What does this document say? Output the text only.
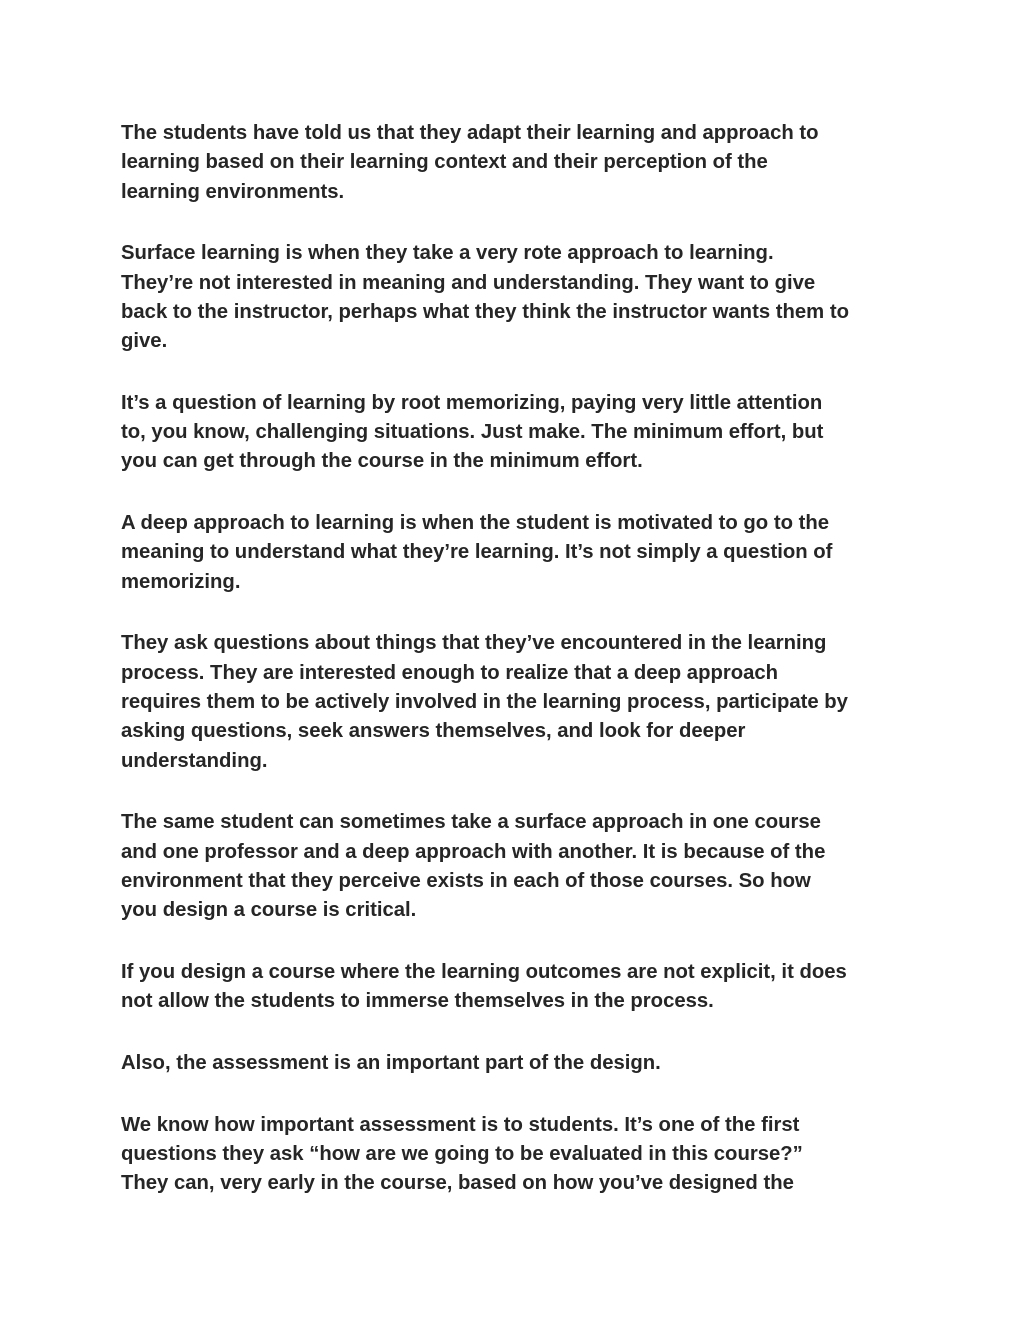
The students have told us that they adapt their learning and approach to
learning based on their learning context and their perception of the
learning environments.

Surface learning is when they take a very rote approach to learning.
They’re not interested in meaning and understanding. They want to give
back to the instructor, perhaps what they think the instructor wants them to
give.

It’s a question of learning by root memorizing, paying very little attention
to, you know, challenging situations. Just make. The minimum effort, but
you can get through the course in the minimum effort.

A deep approach to learning is when the student is motivated to go to the
meaning to understand what they’re learning. It’s not simply a question of
memorizing.

They ask questions about things that they’ve encountered in the learning
process. They are interested enough to realize that a deep approach
requires them to be actively involved in the learning process, participate by
asking questions, seek answers themselves, and look for deeper
understanding.

The same student can sometimes take a surface approach in one course
and one professor and a deep approach with another. It is because of the
environment that they perceive exists in each of those courses. So how
you design a course is critical.

If you design a course where the learning outcomes are not explicit, it does
not allow the students to immerse themselves in the process.

Also, the assessment is an important part of the design.

We know how important assessment is to students. It’s one of the first
questions they ask “how are we going to be evaluated in this course?”
They can, very early in the course, based on how you’ve designed the
